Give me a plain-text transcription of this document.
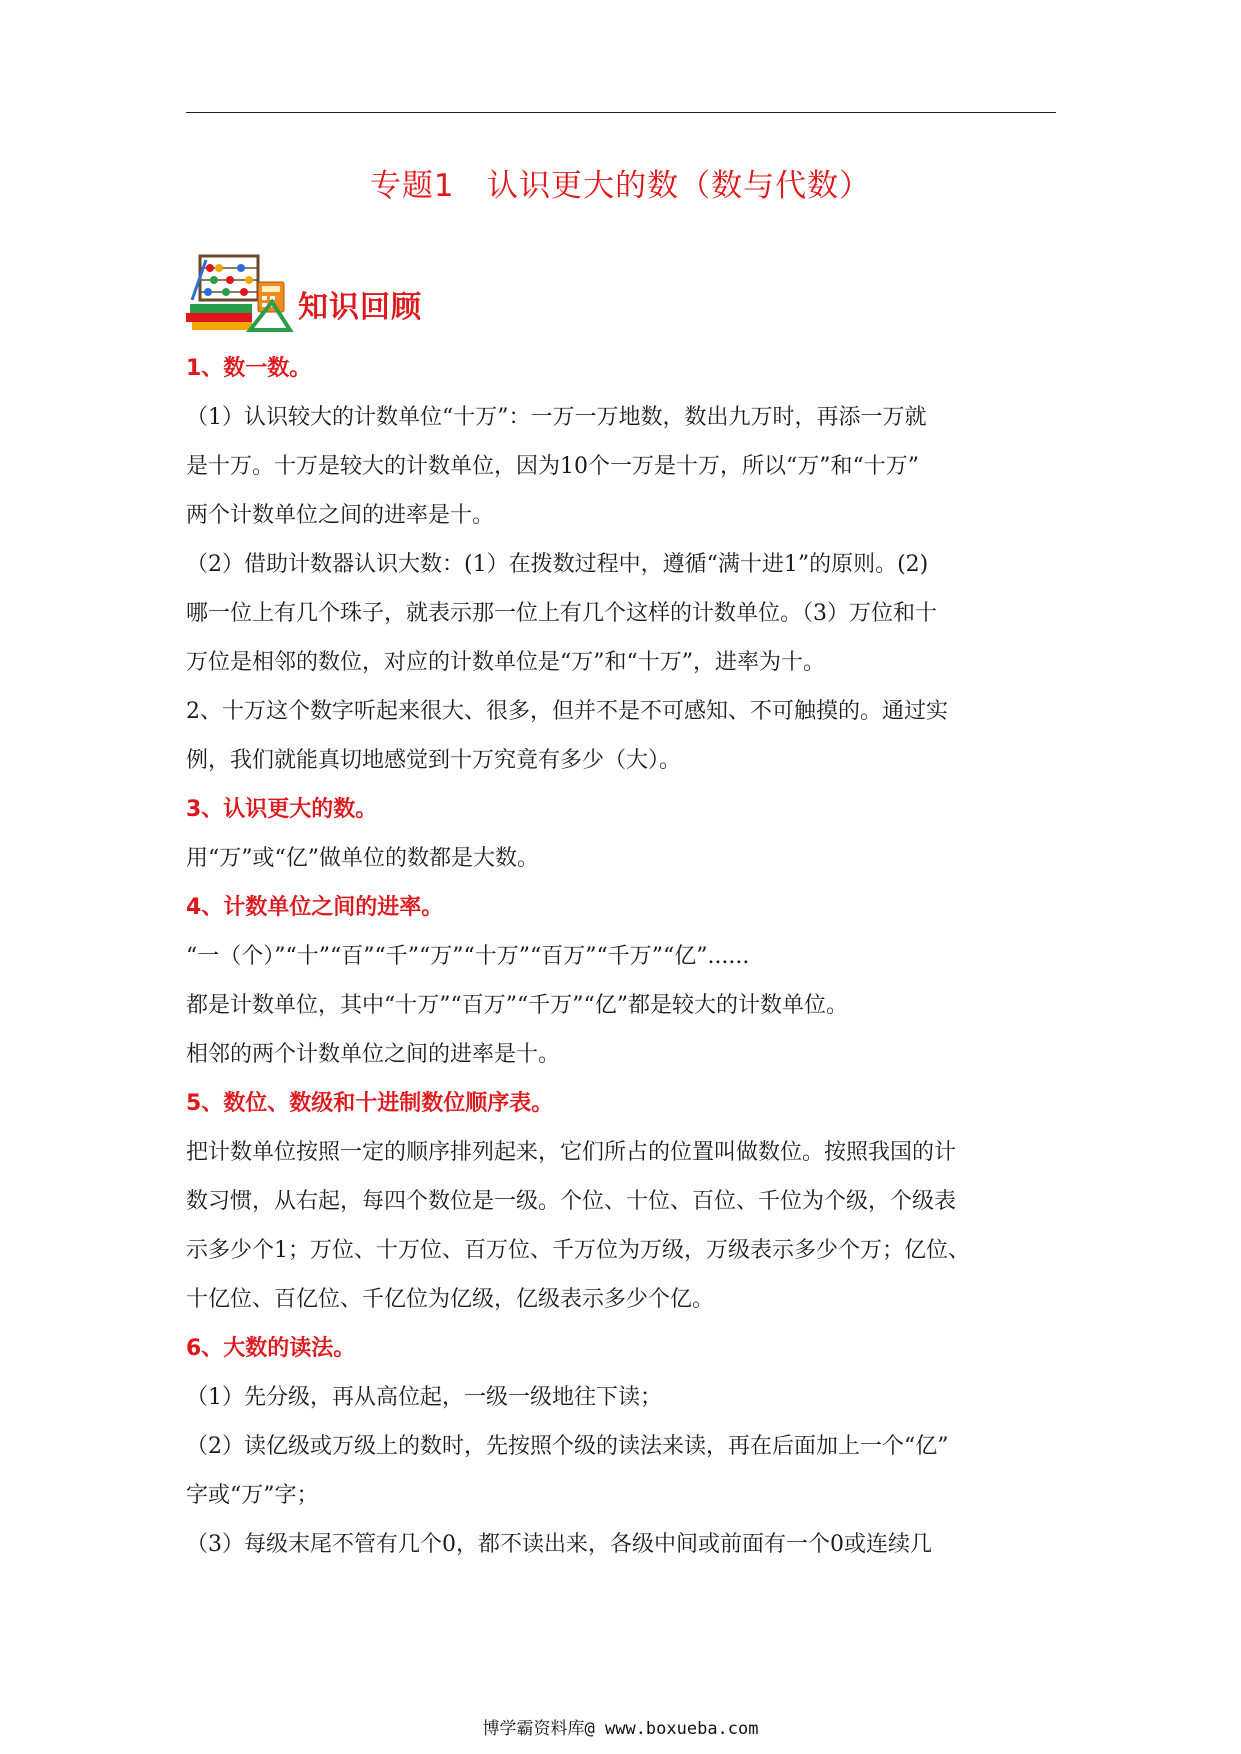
专题1   认识更大的数（数与代数）
知识回顾

1、数一数。

（1）认识较大的计数单位“十万”：一万一万地数，数出九万时，再添一万就

是十万。十万是较大的计数单位，因为10个一万是十万，所以“万”和“十万”

两个计数单位之间的进率是十。

（2）借助计数器认识大数：(1）在拨数过程中，遵循“满十进1”的原则。(2)

哪一位上有几个珠子，就表示那一位上有几个这样的计数单位。（3）万位和十

万位是相邻的数位，对应的计数单位是“万”和“十万”，进率为十。

2、十万这个数字听起来很大、很多，但并不是不可感知、不可触摸的。通过实

例，我们就能真切地感觉到十万究竟有多少（大）。

3、认识更大的数。

用“万”或“亿”做单位的数都是大数。

4、计数单位之间的进率。

“一（个）”“十”“百”“千”“万”“十万”“百万”“千万”“亿”......

都是计数单位，其中“十万”“百万”“千万”“亿”都是较大的计数单位。

相邻的两个计数单位之间的进率是十。

5、数位、数级和十进制数位顺序表。

把计数单位按照一定的顺序排列起来，它们所占的位置叫做数位。按照我国的计

数习惯，从右起，每四个数位是一级。个位、十位、百位、千位为个级，个级表

示多少个1；万位、十万位、百万位、千万位为万级，万级表示多少个万；亿位、

十亿位、百亿位、千亿位为亿级，亿级表示多少个亿。

6、大数的读法。

（1）先分级，再从高位起，一级一级地往下读；

（2）读亿级或万级上的数时，先按照个级的读法来读，再在后面加上一个“亿”

字或“万”字；

（3）每级末尾不管有几个0，都不读出来，各级中间或前面有一个0或连续几

博学霸资料库@ www.boxueba.com
